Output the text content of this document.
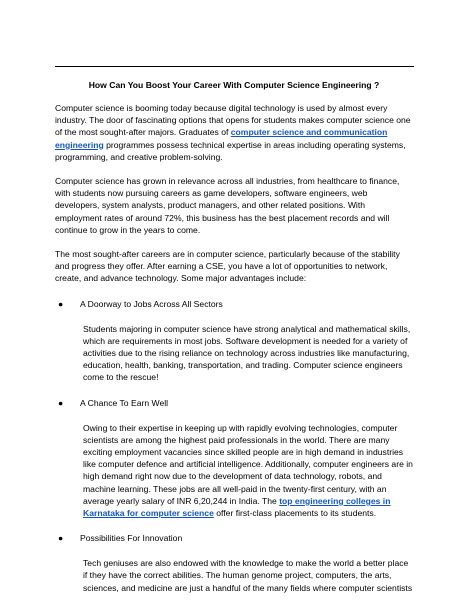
How Can You Boost Your Career With Computer Science Engineering ?

Computer science is booming today because digital technology is used by almost every industry. The door of fascinating options that opens for students makes computer science one of the most sought-after majors. Graduates of computer science and communication engineering programmes possess technical expertise in areas including operating systems, programming, and creative problem-solving.

Computer science has grown in relevance across all industries, from healthcare to finance, with students now pursuing careers as game developers, software engineers, web developers, system analysts, product managers, and other related positions. With employment rates of around 72%, this business has the best placement records and will continue to grow in the years to come.

The most sought-after careers are in computer science, particularly because of the stability and progress they offer. After earning a CSE, you have a lot of opportunities to network, create, and advance technology. Some major advantages include:

●	A Doorway to Jobs Across All Sectors

Students majoring in computer science have strong analytical and mathematical skills, which are requirements in most jobs. Software development is needed for a variety of activities due to the rising reliance on technology across industries like manufacturing, education, health, banking, transportation, and trading. Computer science engineers come to the rescue!

●	A Chance To Earn Well

Owing to their expertise in keeping up with rapidly evolving technologies, computer scientists are among the highest paid professionals in the world. There are many exciting employment vacancies since skilled people are in high demand in industries like computer defence and artificial intelligence. Additionally, computer engineers are in high demand right now due to the development of data technology, robots, and machine learning. These jobs are all well-paid in the twenty-first century, with an average yearly salary of INR 6,20,244 in India. The top engineering colleges in Karnataka for computer science offer first-class placements to its students.

●	Possibilities For Innovation

Tech geniuses are also endowed with the knowledge to make the world a better place if they have the correct abilities. The human genome project, computers, the arts, sciences, and medicine are just a handful of the many fields where computer scientists
